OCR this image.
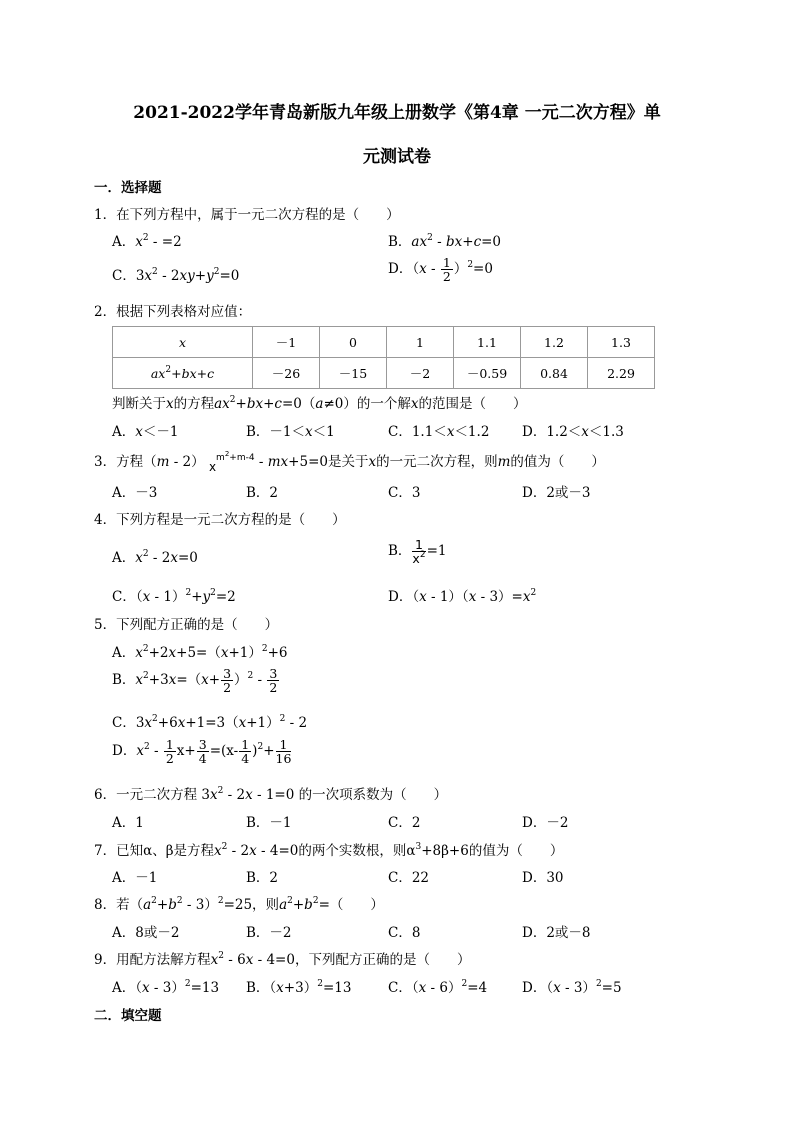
2021-2022学年青岛新版九年级上册数学《第4章 一元二次方程》单
元测试卷
一．选择题
1．在下列方程中，属于一元二次方程的是（　　）
A．$x^2 - =2$	B．$ax^2 - bx+c=0$
C．$3x^2 - 2xy+y^2=0$	D．$(x - \frac{1}{2} )^2=0$
2．根据下列表格对应值：
x	－1	0	1	1.1	1.2	1.3
$ax^2+bx+c$	－26	－15	－2	－0.59	0.84	2.29
判断关于x的方程$ax^2+bx+c=0(a\ne 0)$的一个解x的范围是（　　）
A．x＜－1	B．－1＜x＜1	C．1.1＜x＜1.2 D．1.2＜x＜1.3
3．方程（m - 2） $x^{m^2+m-4} - mx+5=0$是关于x的一元二次方程，则m的值为（　　）
A．－3	B．2	C．3	D．2或－3
4．下列方程是一元二次方程的是（　　）
A．$x^2 - 2x=0$	B． $\frac{1}{x^2} =1$
C．$(x - 1)^2+y^2=2$	D．$(x - 1)(x - 3)=x^2$
5．下列配方正确的是（　　）
A．$x^2+2x+5=(x+1)^2+6$
B．$x^2+3x=(x+ \frac{3}{2} )^2 - \frac{3}{2}$
C．$3x^2+6x+1=3(x+1)^2 - 2$
D．$x^2 - \frac{1}{2} x+ \frac{3}{4} =(x- \frac{1}{4} )^2+ \frac{1}{16}$
6．一元二次方程 $3x^2 - 2x - 1=0$ 的一次项系数为（　　）
A．1	B．－1	C．2	D．－2
7．已知α、β是方程$x^2 - 2x - 4=0$的两个实数根，则$\alpha^3+8\beta+6$的值为（　　）
A．－1	B．2	C．22	D．30
8．若$(a^2+b^2 - 3)^2=25$，则$a^2+b^2=$（　　）
A．8或－2	B．－2	C．8	D．2或－8
9．用配方法解方程$x^2 - 6x - 4=0$，下列配方正确的是（　　）
A．（x - 3）$^2$=13 B．$(x+3)^2=13$	C．（x - 6）$^2$=4	D．（x - 3）$^2$=5
二．填空题
